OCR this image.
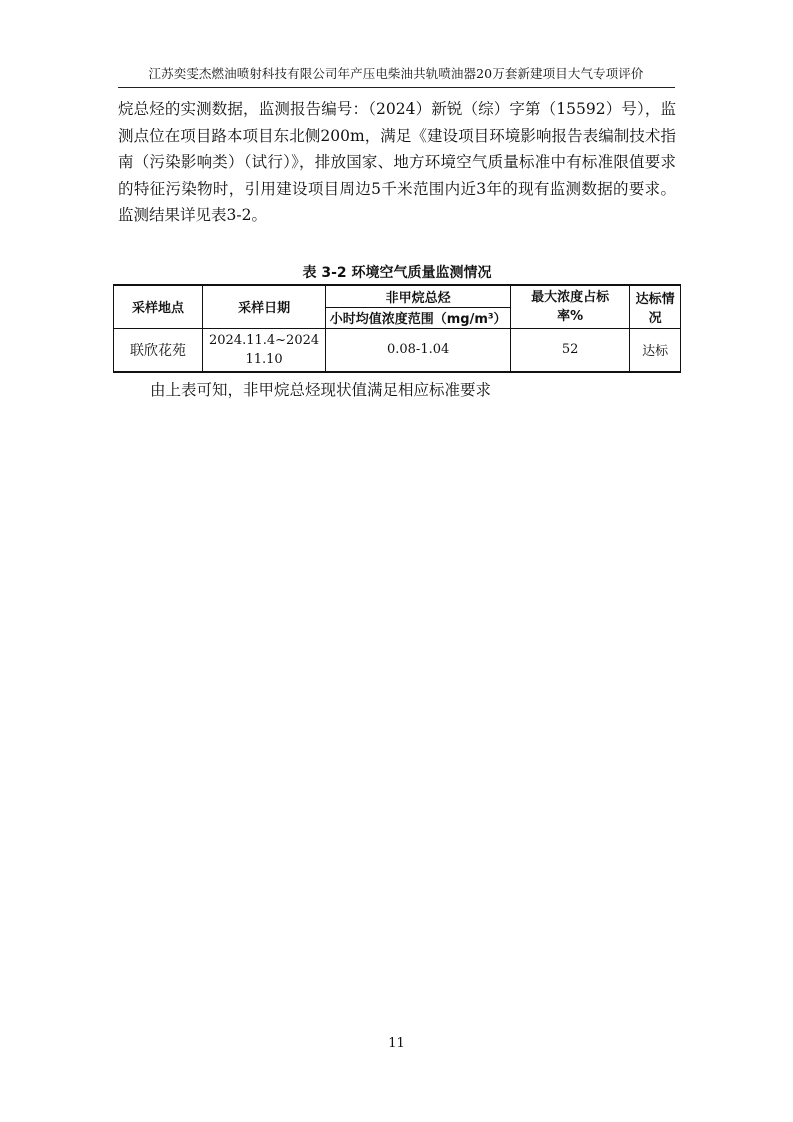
江苏奕雯杰燃油喷射科技有限公司年产压电柴油共轨喷油器20万套新建项目大气专项评价

烷总烃的实测数据，监测报告编号：（2024）新锐（综）字第（15592）号），监测点位在项目路本项目东北侧200m，满足《建设项目环境影响报告表编制技术指南（污染影响类）（试行）》，排放国家、地方环境空气质量标准中有标准限值要求的特征污染物时，引用建设项目周边5千米范围内近3年的现有监测数据的要求。监测结果详见表3-2。

表 3-2 环境空气质量监测情况
采样地点	采样日期	非甲烷总烃	最大浓度占标率%	达标情况
		小时均值浓度范围（mg/m³）		
联欣花苑	2024.11.4~2024 11.10	0.08-1.04	52	达标
由上表可知，非甲烷总烃现状值满足相应标准要求
11
